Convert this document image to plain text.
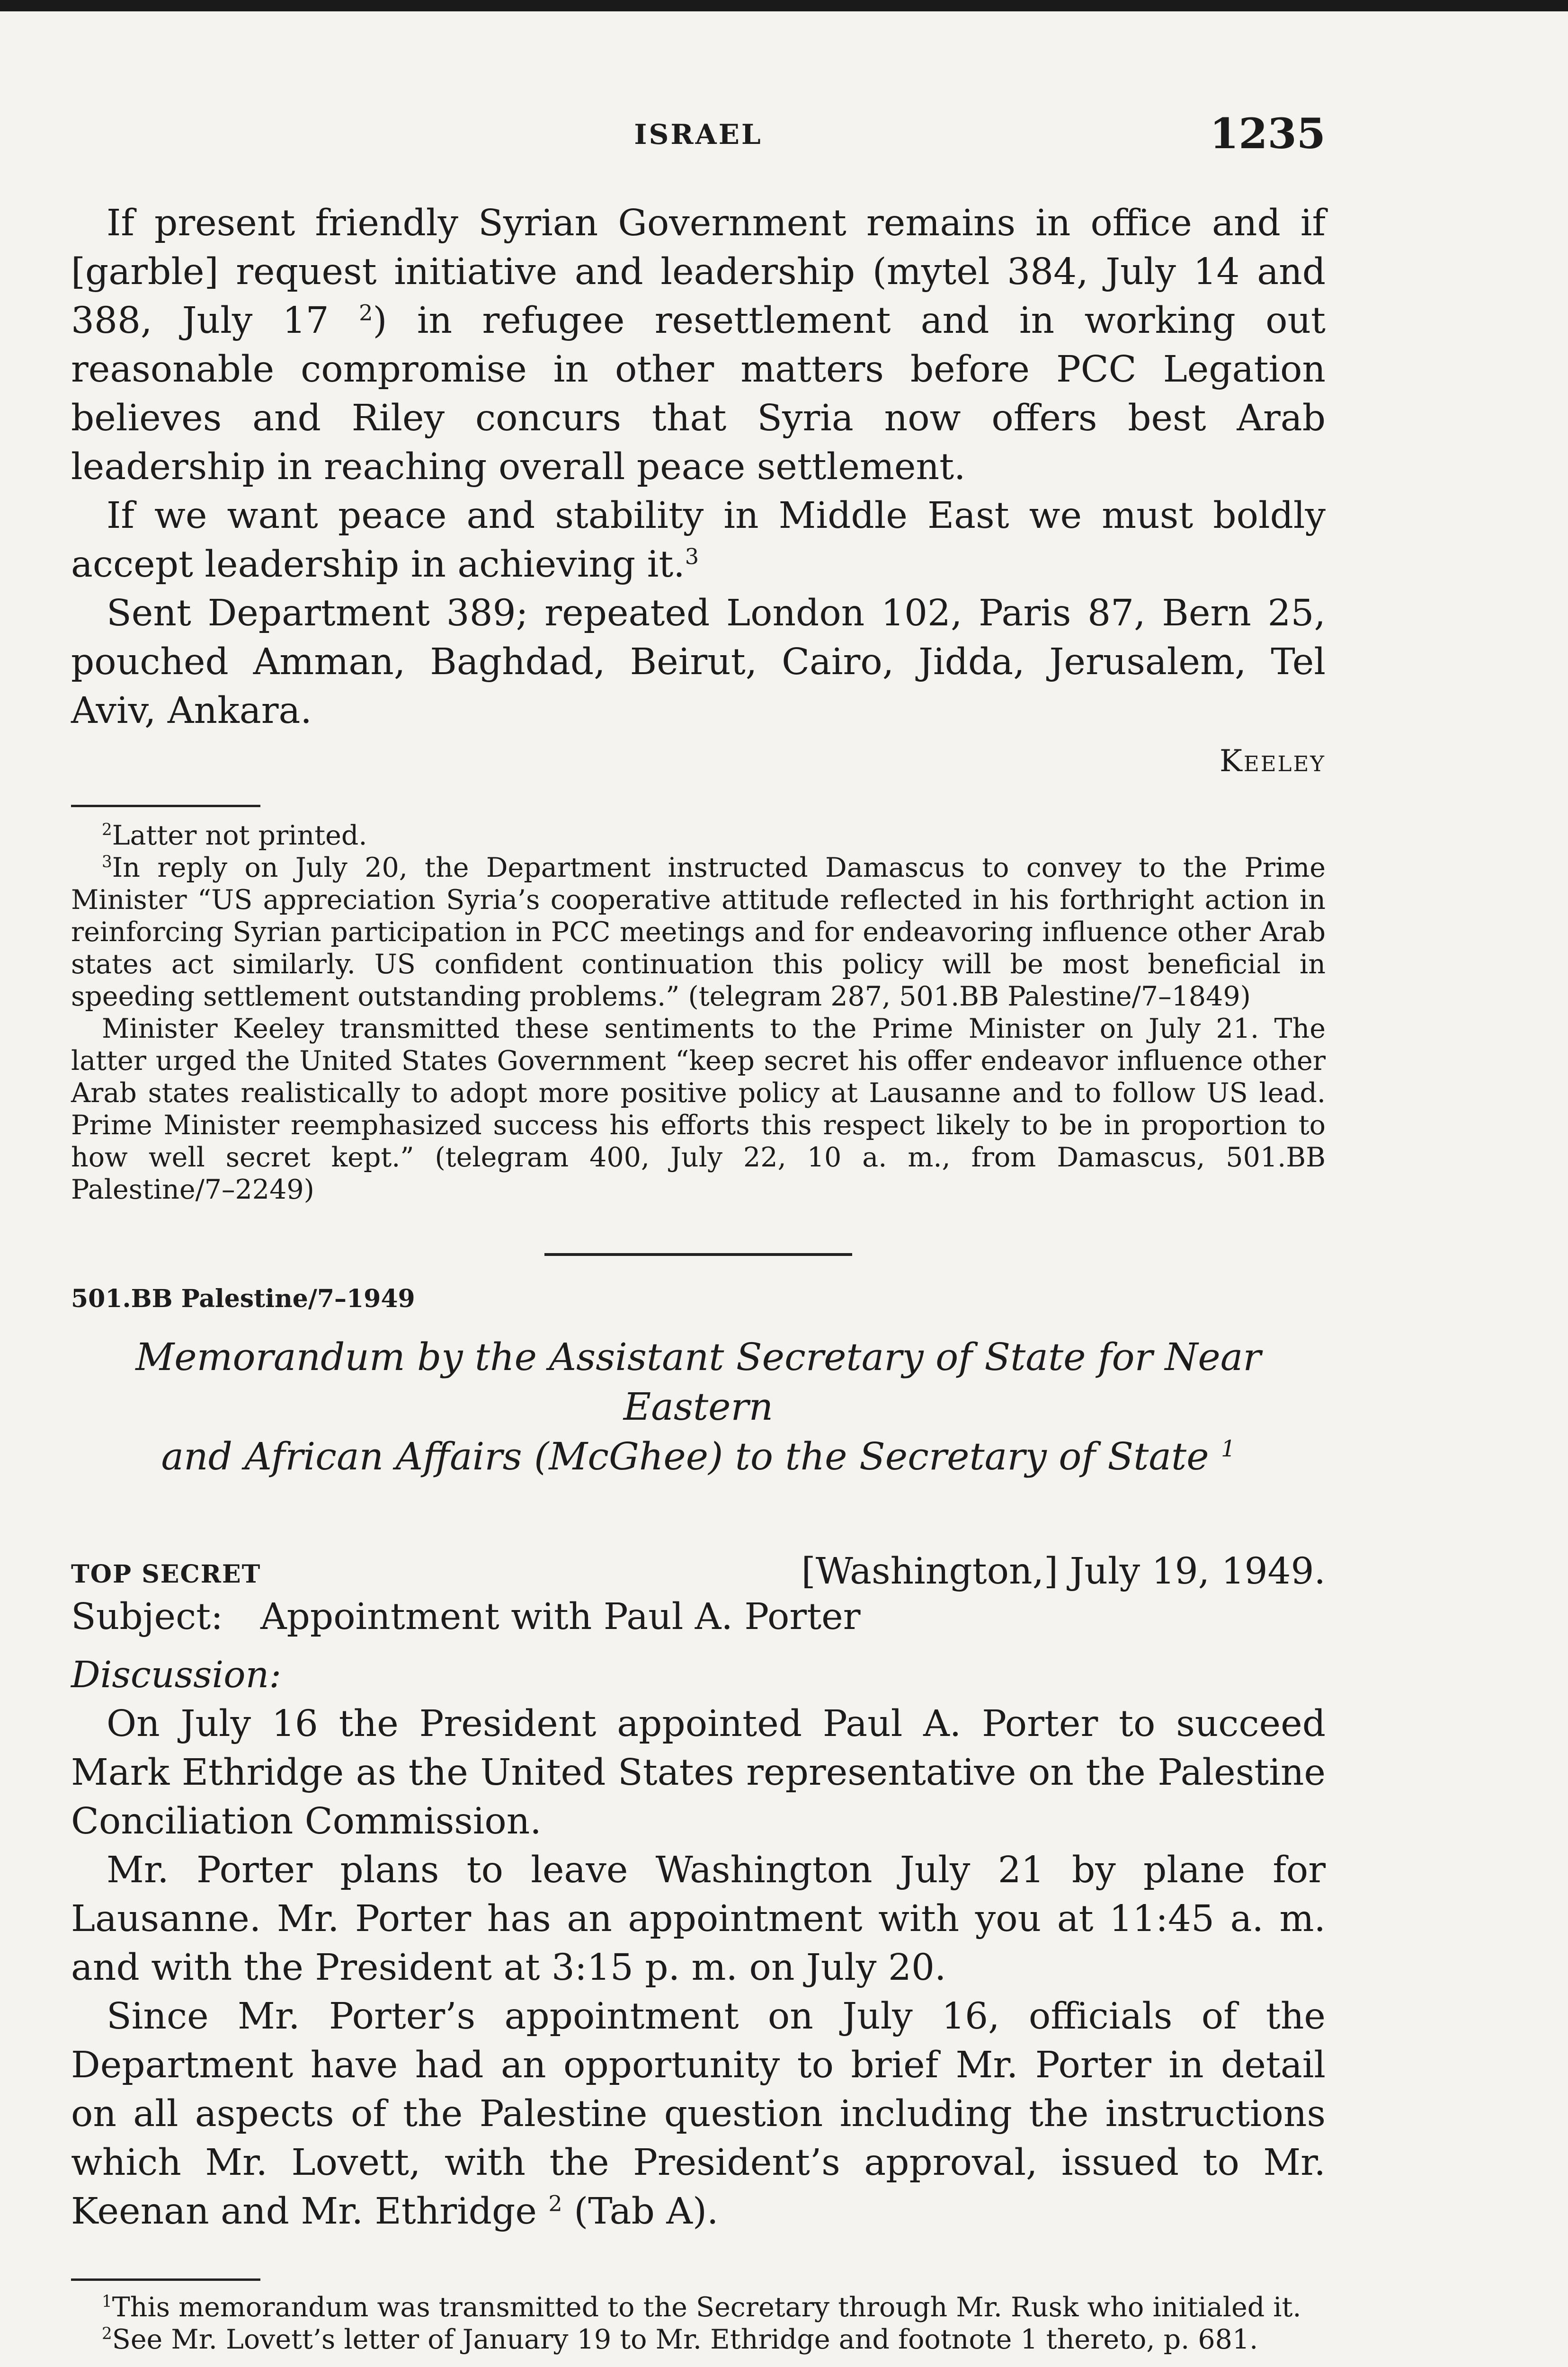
ISRAEL	1235

If present friendly Syrian Government remains in office and if [garble] request initiative and leadership (mytel 384, July 14 and 388, July 17 $^2$) in refugee resettlement and in working out reasonable compromise in other matters before PCC Legation believes and Riley concurs that Syria now offers best Arab leadership in reaching overall peace settlement.

If we want peace and stability in Middle East we must boldly accept leadership in achieving it.$^3$

Sent Department 389; repeated London 102, Paris 87, Bern 25, pouched Amman, Baghdad, Beirut, Cairo, Jidda, Jerusalem, Tel Aviv, Ankara.

Keeley

$^2$Latter not printed.

$^3$In reply on July 20, the Department instructed Damascus to convey to the Prime Minister “US appreciation Syria’s cooperative attitude reflected in his forthright action in reinforcing Syrian participation in PCC meetings and for endeavoring influence other Arab states act similarly. US confident continuation this policy will be most beneficial in speeding settlement outstanding problems.” (telegram 287, 501.BB Palestine/7–1849)

Minister Keeley transmitted these sentiments to the Prime Minister on July 21. The latter urged the United States Government “keep secret his offer endeavor influence other Arab states realistically to adopt more positive policy at Lausanne and to follow US lead. Prime Minister reemphasized success his efforts this respect likely to be in proportion to how well secret kept.” (telegram 400, July 22, 10 a. m., from Damascus, 501.BB Palestine/7–2249)

501.BB Palestine/7–1949
Memorandum by the Assistant Secretary of State for Near Eastern
and African Affairs (McGhee) to the Secretary of State $^1$
TOP SECRET	[Washington,] July 19, 1949.
Subject: Appointment with Paul A. Porter
Discussion:

On July 16 the President appointed Paul A. Porter to succeed Mark Ethridge as the United States representative on the Palestine Conciliation Commission.

Mr. Porter plans to leave Washington July 21 by plane for Lausanne. Mr. Porter has an appointment with you at 11:45 a. m. and with the President at 3:15 p. m. on July 20.

Since Mr. Porter’s appointment on July 16, officials of the Department have had an opportunity to brief Mr. Porter in detail on all aspects of the Palestine question including the instructions which Mr. Lovett, with the President’s approval, issued to Mr. Keenan and Mr. Ethridge $^2$ (Tab A).

$^1$This memorandum was transmitted to the Secretary through Mr. Rusk who initialed it.

$^2$See Mr. Lovett’s letter of January 19 to Mr. Ethridge and footnote 1 thereto, p. 681.
